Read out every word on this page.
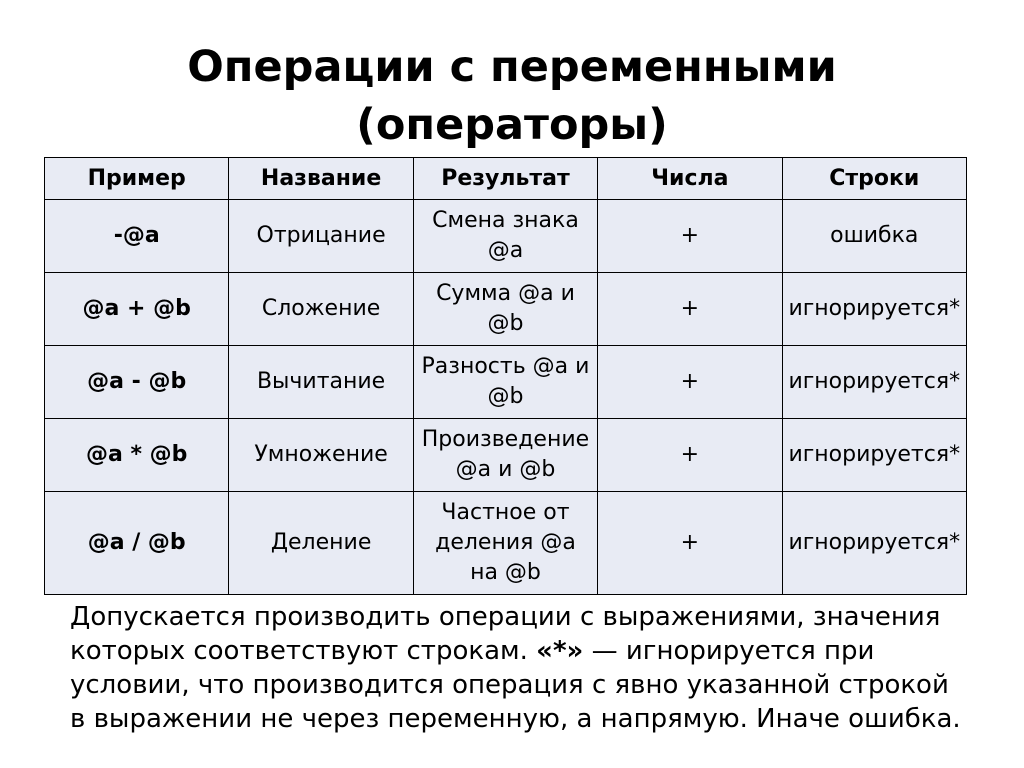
Операции с переменными
(операторы)
Пример	Название	Результат	Числа	Строки
-@a	Отрицание	Смена знака @a	+	ошибка
@a + @b	Сложение	Сумма @a и @b	+	игнорируется*
@a - @b	Вычитание	Разность @a и @b	+	игнорируется*
@a * @b	Умножение	Произведение @a и @b	+	игнорируется*
@a / @b	Деление	Частное от деления @a на @b	+	игнорируется*

Допускается производить операции с выражениями, значения которых соответствуют строкам. «*» — игнорируется при условии, что производится операция с явно указанной строкой в выражении не через переменную, а напрямую. Иначе ошибка.
